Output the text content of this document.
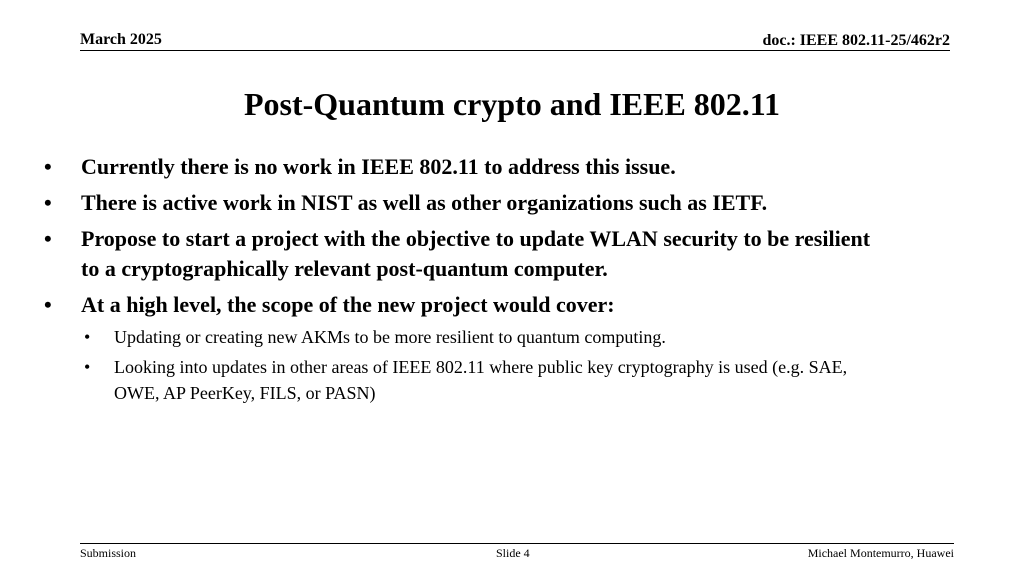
March 2025	doc.: IEEE 802.11-25/462r2
Post-Quantum crypto and IEEE 802.11
• Currently there is no work in IEEE 802.11 to address this issue.
• There is active work in NIST as well as other organizations such as IETF.
• Propose to start a project with the objective to update WLAN security to be resilient to a cryptographically relevant post-quantum computer.
• At a high level, the scope of the new project would cover:
• Updating or creating new AKMs to be more resilient to quantum computing.
• Looking into updates in other areas of IEEE 802.11 where public key cryptography is used (e.g. SAE, OWE, AP PeerKey, FILS, or PASN)
Submission	Slide 4	Michael Montemurro, Huawei
